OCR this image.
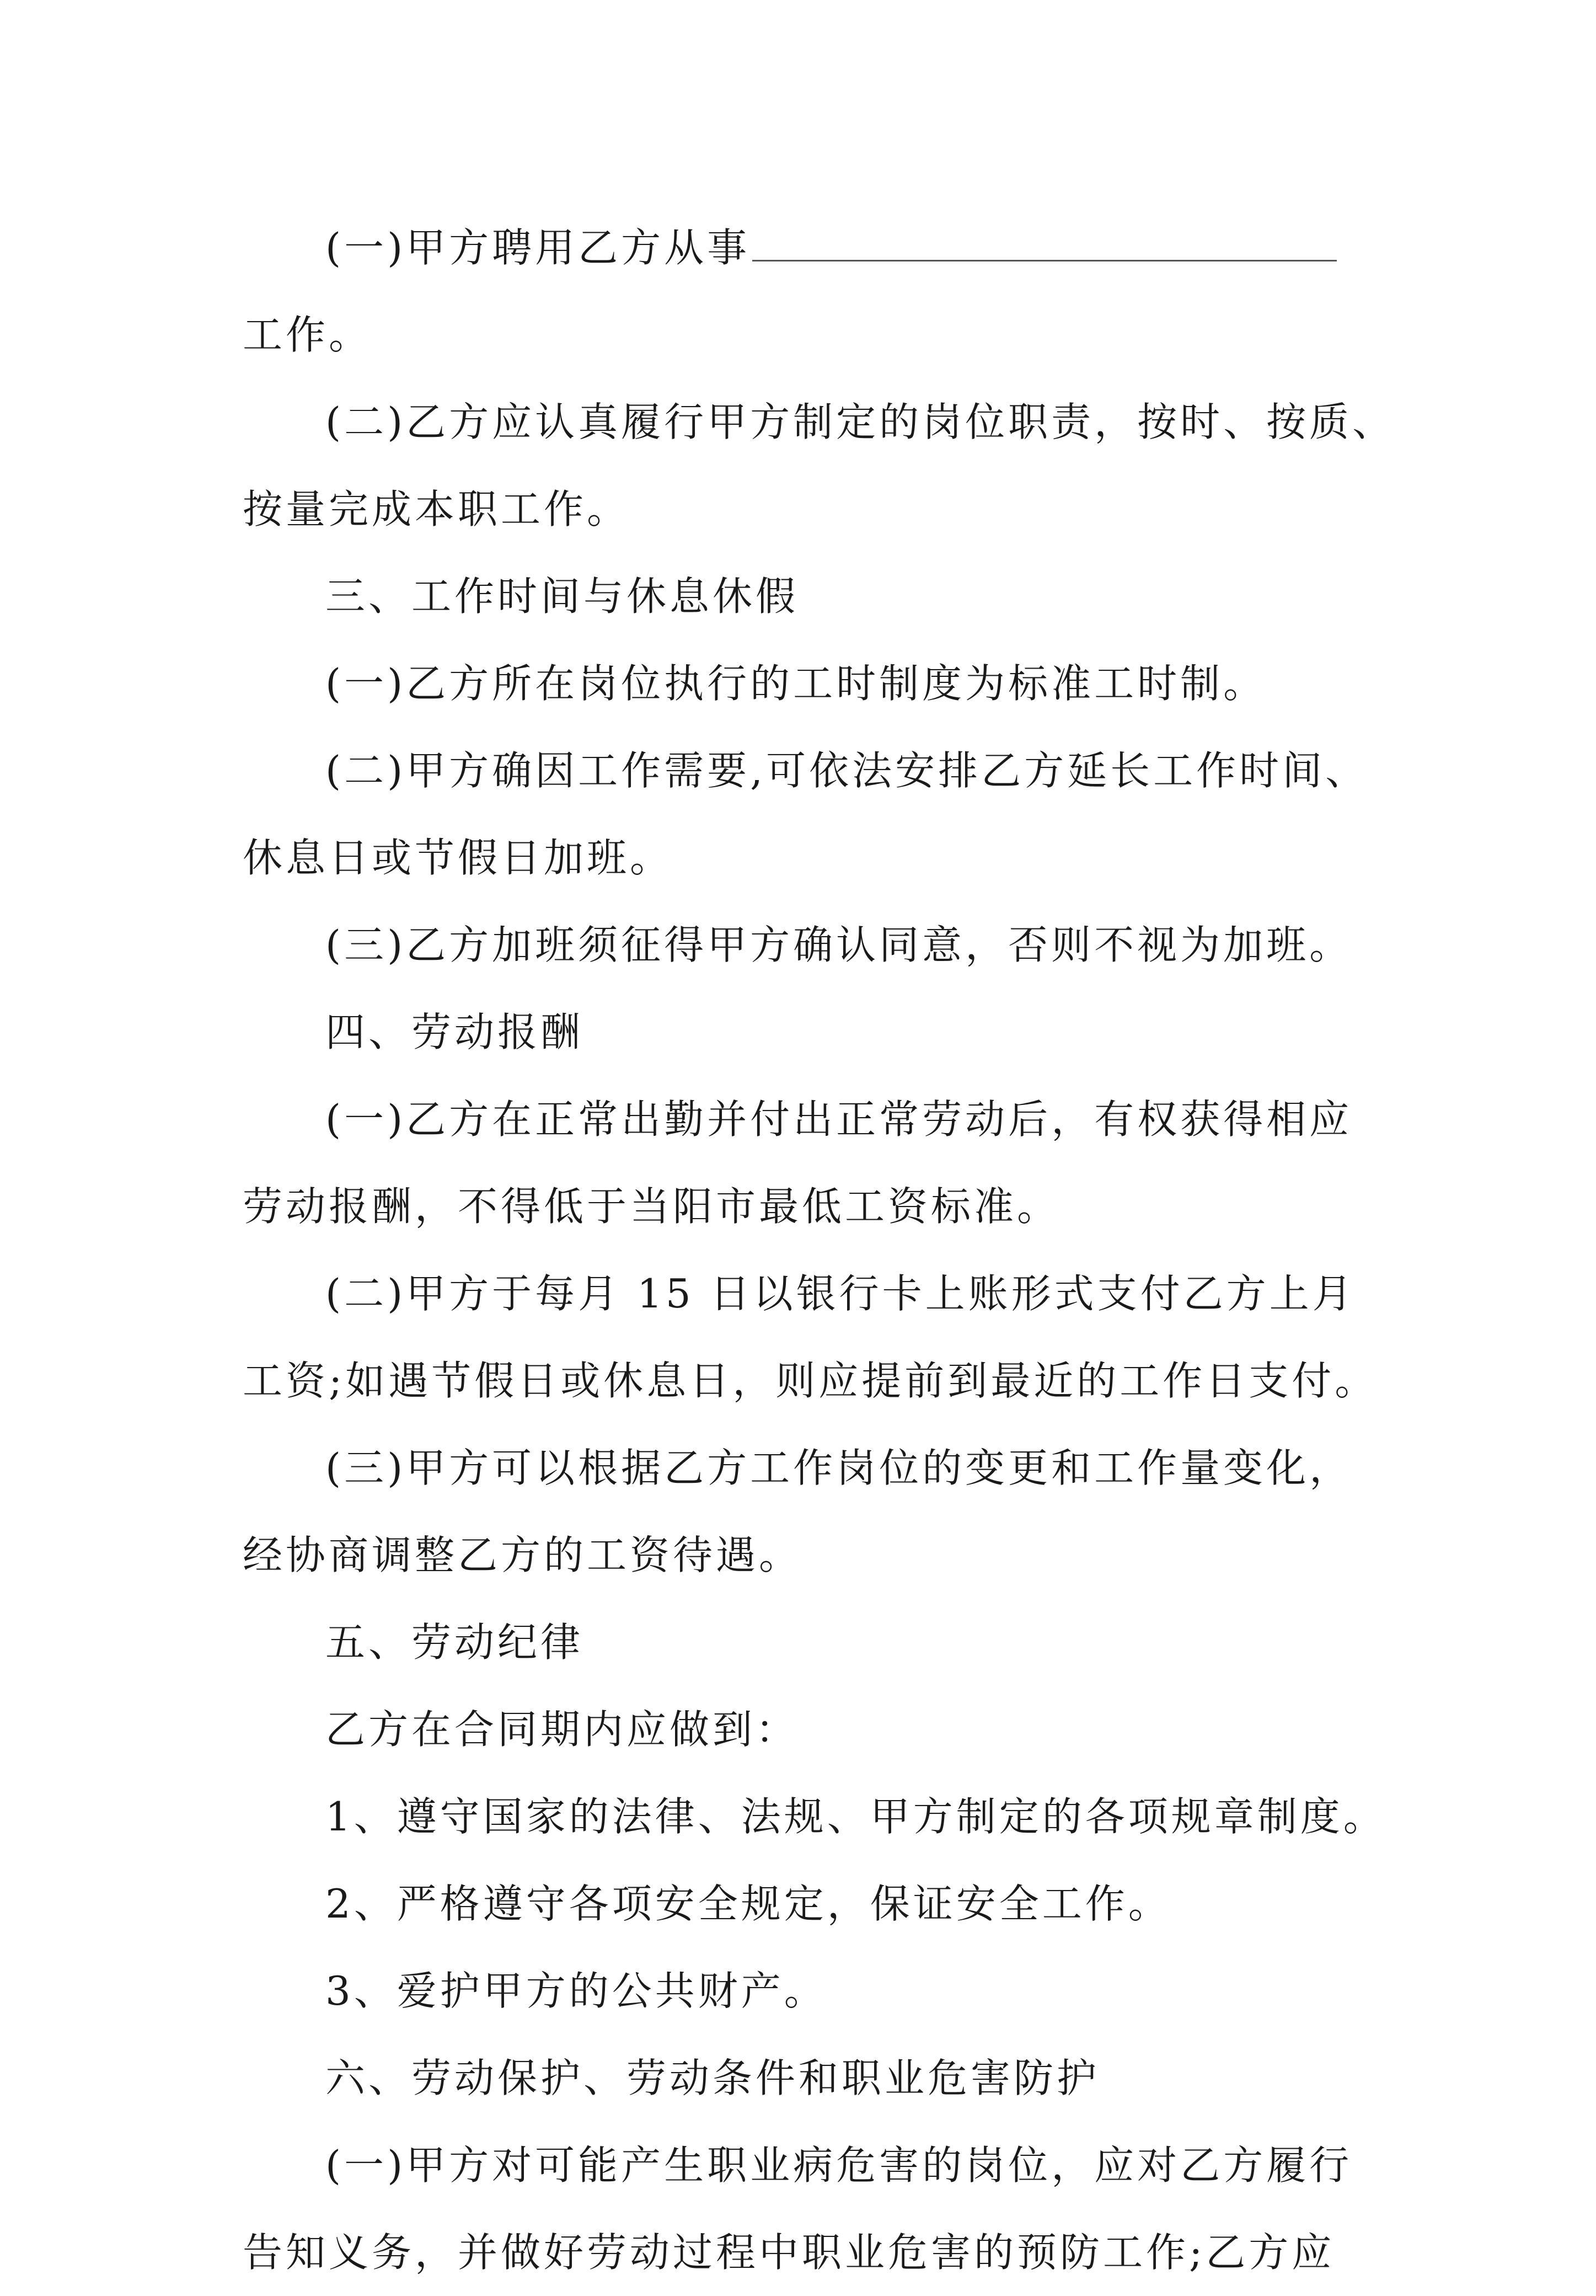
(一)甲方聘用乙方从事
工作。
(二)乙方应认真履行甲方制定的岗位职责，按时、按质、
按量完成本职工作。
三、工作时间与休息休假
(一)乙方所在岗位执行的工时制度为标准工时制。
(二)甲方确因工作需要,可依法安排乙方延长工作时间、
休息日或节假日加班。
(三)乙方加班须征得甲方确认同意，否则不视为加班。
四、劳动报酬
(一)乙方在正常出勤并付出正常劳动后，有权获得相应
劳动报酬，不得低于当阳市最低工资标准。
(二)甲方于每月 15 日以银行卡上账形式支付乙方上月
工资;如遇节假日或休息日，则应提前到最近的工作日支付。
(三)甲方可以根据乙方工作岗位的变更和工作量变化，
经协商调整乙方的工资待遇。
五、劳动纪律
乙方在合同期内应做到：
1、遵守国家的法律、法规、甲方制定的各项规章制度。
2、严格遵守各项安全规定，保证安全工作。
3、爱护甲方的公共财产。
六、劳动保护、劳动条件和职业危害防护
(一)甲方对可能产生职业病危害的岗位，应对乙方履行
告知义务，并做好劳动过程中职业危害的预防工作;乙方应
